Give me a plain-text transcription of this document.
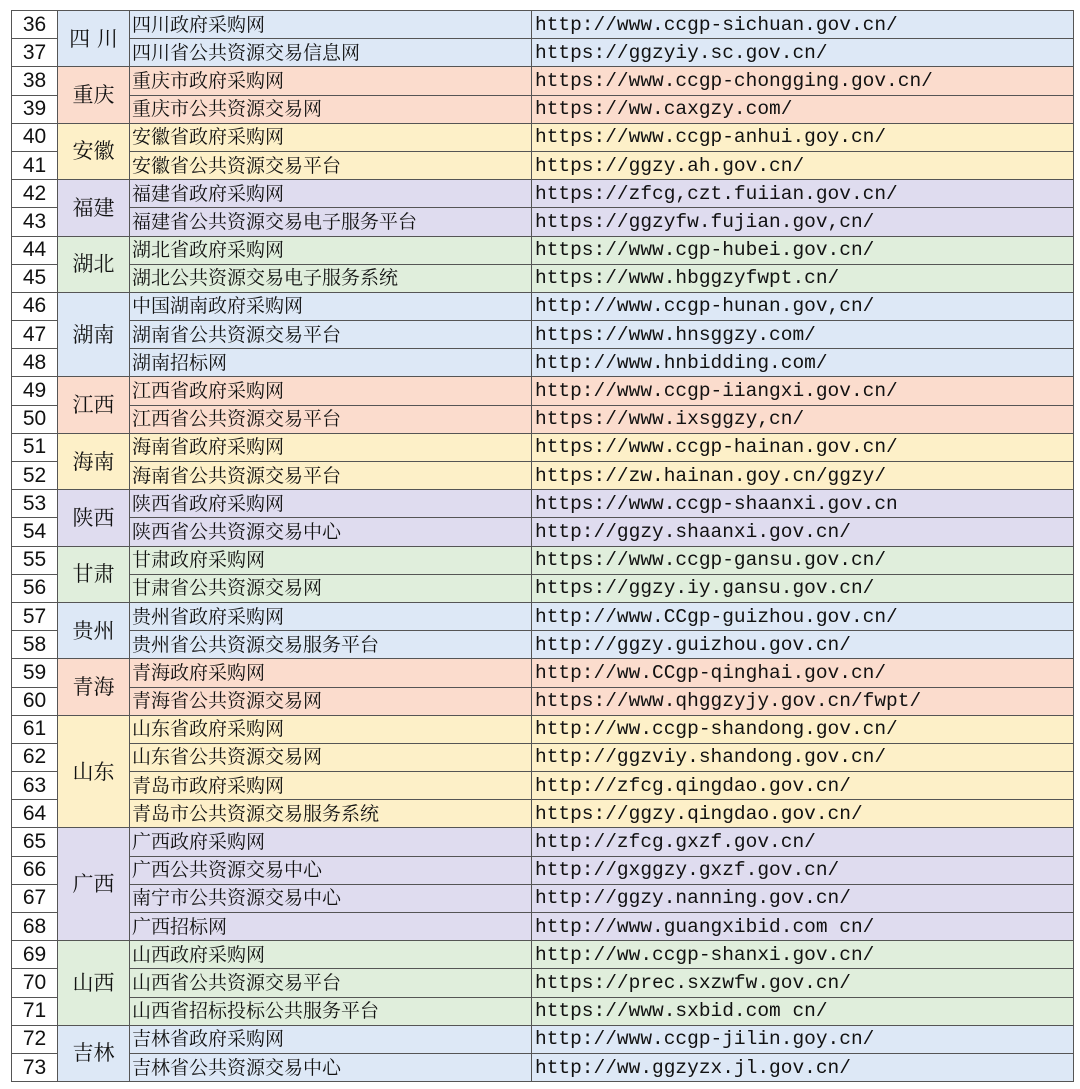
36	四 川	四川政府采购网	http://www.ccgp-sichuan.gov.cn/
37		四川省公共资源交易信息网	https://ggzyiy.sc.gov.cn/
38	重庆	重庆市政府采购网	https://www.ccgp-chongging.gov.cn/
39		重庆市公共资源交易网	https://ww.caxgzy.com/
40	安徽	安徽省政府采购网	https://www.ccgp-anhui.goy.cn/
41		安徽省公共资源交易平台	https://ggzy.ah.gov.cn/
42	福建	福建省政府采购网	https://zfcg,czt.fuiian.gov.cn/
43		福建省公共资源交易电子服务平台	https://ggzyfw.fujian.gov,cn/
44	湖北	湖北省政府采购网	https://www.cgp-hubei.gov.cn/
45		湖北公共资源交易电子服务系统	https://www.hbggzyfwpt.cn/
46	湖南	中国湖南政府采购网	http://www.ccgp-hunan.gov,cn/
47		湖南省公共资源交易平台	https://www.hnsggzy.com/
48		湖南招标网	http://www.hnbidding.com/
49	江西	江西省政府采购网	http://www.ccgp-iiangxi.gov.cn/
50		江西省公共资源交易平台	https://www.ixsggzy,cn/
51	海南	海南省政府采购网	https://www.ccgp-hainan.gov.cn/
52		海南省公共资源交易平台	https://zw.hainan.goy.cn/ggzy/
53	陕西	陕西省政府采购网	https://www.ccgp-shaanxi.gov.cn
54		陕西省公共资源交易中心	http://ggzy.shaanxi.gov.cn/
55	甘肃	甘肃政府采购网	https://www.ccgp-gansu.gov.cn/
56		甘肃省公共资源交易网	https://ggzy.iy.gansu.gov.cn/
57	贵州	贵州省政府采购网	http://www.CCgp-guizhou.gov.cn/
58		贵州省公共资源交易服务平台	http://ggzy.guizhou.gov.cn/
59	青海	青海政府采购网	http://ww.CCgp-qinghai.gov.cn/
60		青海省公共资源交易网	https://www.qhggzyjy.gov.cn/fwpt/
61	山东	山东省政府采购网	http://ww.ccgp-shandong.gov.cn/
62		山东省公共资源交易网	http://ggzviy.shandong.gov.cn/
63		青岛市政府采购网	http://zfcg.qingdao.gov.cn/
64		青岛市公共资源交易服务系统	https://ggzy.qingdao.gov.cn/
65	广西	广西政府采购网	http://zfcg.gxzf.gov.cn/
66		广西公共资源交易中心	http://gxggzy.gxzf.gov.cn/
67		南宁市公共资源交易中心	http://ggzy.nanning.gov.cn/
68		广西招标网	http://www.guangxibid.com cn/
69	山西	山西政府采购网	http://ww.ccgp-shanxi.gov.cn/
70		山西省公共资源交易平台	https://prec.sxzwfw.gov.cn/
71		山西省招标投标公共服务平台	https://www.sxbid.com cn/
72	吉林	吉林省政府采购网	http://www.ccgp-jilin.goy.cn/
73		吉林省公共资源交易中心	http://ww.ggzyzx.jl.gov.cn/
